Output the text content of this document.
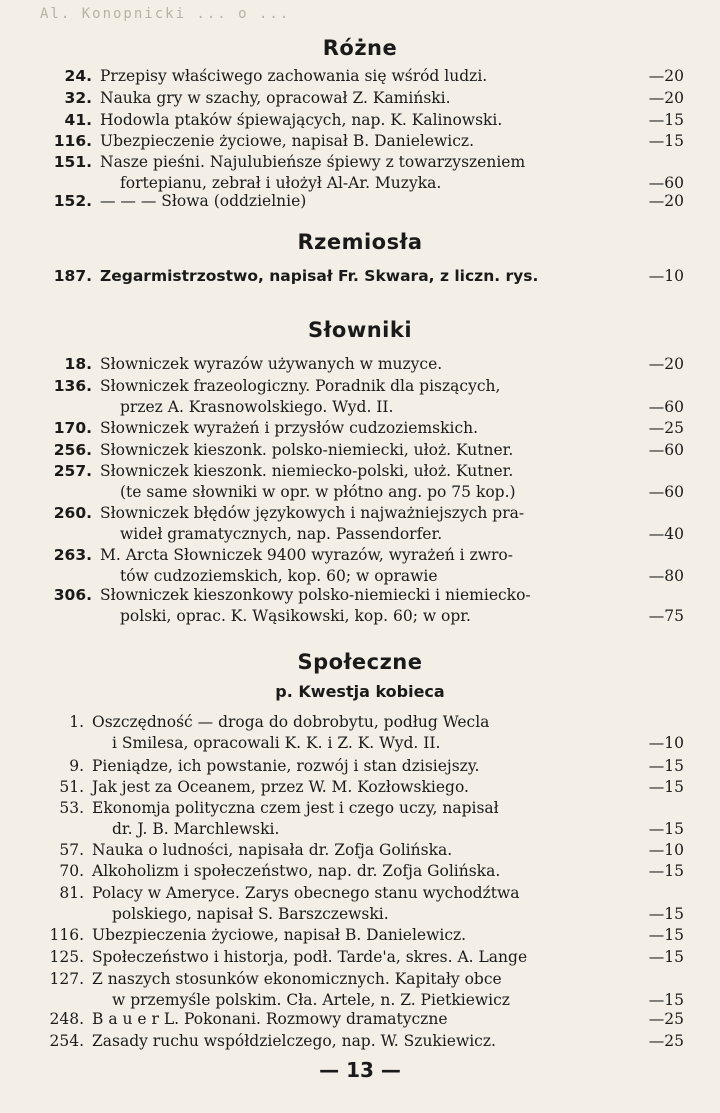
Al. Konopnicki ... o ...
Różne
24. Przepisy właściwego zachowania się wśród ludzi.	—20
32. Nauka gry w szachy, opracował Z. Kamiński.	—20
41. Hodowla ptaków śpiewających, nap. K. Kalinowski.	—15
116. Ubezpieczenie życiowe, napisał B. Danielewicz.	—15
151. Nasze pieśni. Najulubieńsze śpiewy z towarzyszeniem
fortepianu, zebrał i ułożył Al-Ar. Muzyka.	—60
152. — — — Słowa (oddzielnie)	—20
Rzemiosła
187. Zegarmistrzostwo, napisał Fr. Skwara, z liczn. rys.	—10
Słowniki
18. Słowniczek wyrazów używanych w muzyce.	—20
136. Słowniczek frazeologiczny. Poradnik dla piszących,
przez A. Krasnowolskiego. Wyd. II.	—60
170. Słowniczek wyrażeń i przysłów cudzoziemskich.	—25
256. Słowniczek kieszonk. polsko-niemiecki, ułoż. Kutner.	—60
257. Słowniczek kieszonk. niemiecko-polski, ułoż. Kutner.
(te same słowniki w opr. w płótno ang. po 75 kop.)	—60
260. Słowniczek błędów językowych i najważniejszych pra-
wideł gramatycznych, nap. Passendorfer.	—40
263. M. Arcta Słowniczek 9400 wyrazów, wyrażeń i zwro-
tów cudzoziemskich, kop. 60; w oprawie	—80
306. Słowniczek kieszonkowy polsko-niemiecki i niemiecko-
polski, oprac. K. Wąsikowski, kop. 60; w opr.	—75
Społeczne
p. Kwestja kobieca
1. Oszczędność — droga do dobrobytu, podług Wecla
i Smilesa, opracowali K. K. i Z. K. Wyd. II.	—10
9. Pieniądze, ich powstanie, rozwój i stan dzisiejszy.	—15
51. Jak jest za Oceanem, przez W. M. Kozłowskiego.	—15
53. Ekonomja polityczna czem jest i czego uczy, napisał
dr. J. B. Marchlewski.	—15
57. Nauka o ludności, napisała dr. Zofja Golińska.	—10
70. Alkoholizm i społeczeństwo, nap. dr. Zofja Golińska.	—15
81. Polacy w Ameryce. Zarys obecnego stanu wychodźtwa
polskiego, napisał S. Barszczewski.	—15
116. Ubezpieczenia życiowe, napisał B. Danielewicz.	—15
125. Społeczeństwo i historja, podł. Tarde'a, skres. A. Lange	—15
127. Z naszych stosunków ekonomicznych. Kapitały obce
w przemyśle polskim. Cła. Artele, n. Z. Pietkiewicz	—15
248. B a u e r L. Pokonani. Rozmowy dramatyczne	—25
254. Zasady ruchu współdzielczego, nap. W. Szukiewicz.	—25
— 13 —
